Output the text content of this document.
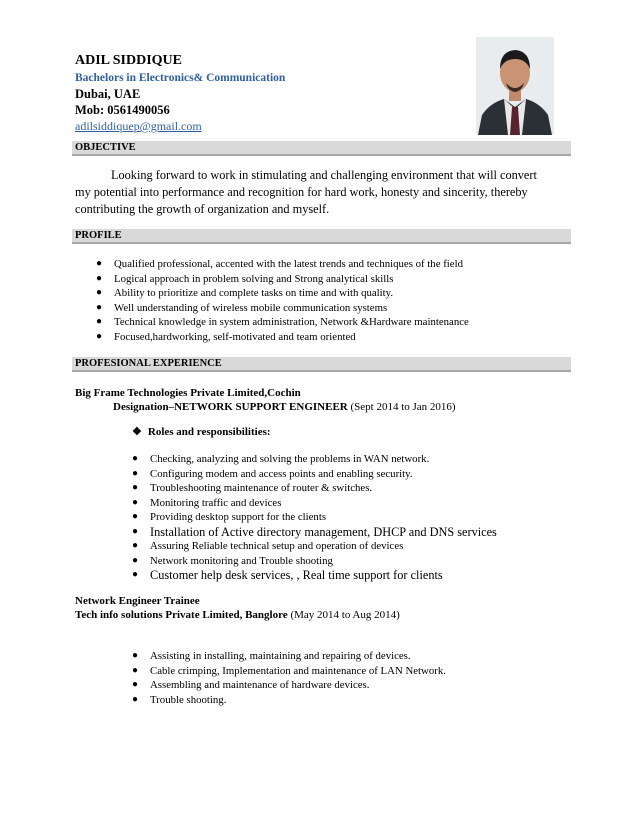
ADIL SIDDIQUE
Bachelors in Electronics& Communication
Dubai, UAE
Mob: 0561490056
adilsiddiquep@gmail.com
OBJECTIVE
Looking forward to work in stimulating and challenging environment that will convert my potential into performance and recognition for hard work, honesty and sincerity, thereby contributing the growth of organization and myself.
PROFILE
● Qualified professional, accented with the latest trends and techniques of the field
● Logical approach in problem solving and Strong analytical skills
● Ability to prioritize and complete tasks on time and with quality.
● Well understanding of wireless mobile communication systems
● Technical knowledge in system administration, Network &Hardware maintenance
● Focused,hardworking, self-motivated and team oriented
PROFESIONAL EXPERIENCE
Big Frame Technologies Private Limited,Cochin
Designation–NETWORK SUPPORT ENGINEER (Sept 2014 to Jan 2016)
❖ Roles and responsibilities:
● Checking, analyzing and solving the problems in WAN network.
● Configuring modem and access points and enabling security.
● Troubleshooting maintenance of router & switches.
● Monitoring traffic and devices
● Providing desktop support for the clients
● Installation of Active directory management, DHCP and DNS services
● Assuring Reliable technical setup and operation of devices
● Network monitoring and Trouble shooting
● Customer help desk services, , Real time support for clients
Network Engineer Trainee
Tech info solutions Private Limited, Banglore (May 2014 to Aug 2014)
● Assisting in installing, maintaining and repairing of devices.
● Cable crimping, Implementation and maintenance of LAN Network.
● Assembling and maintenance of hardware devices.
● Trouble shooting.
